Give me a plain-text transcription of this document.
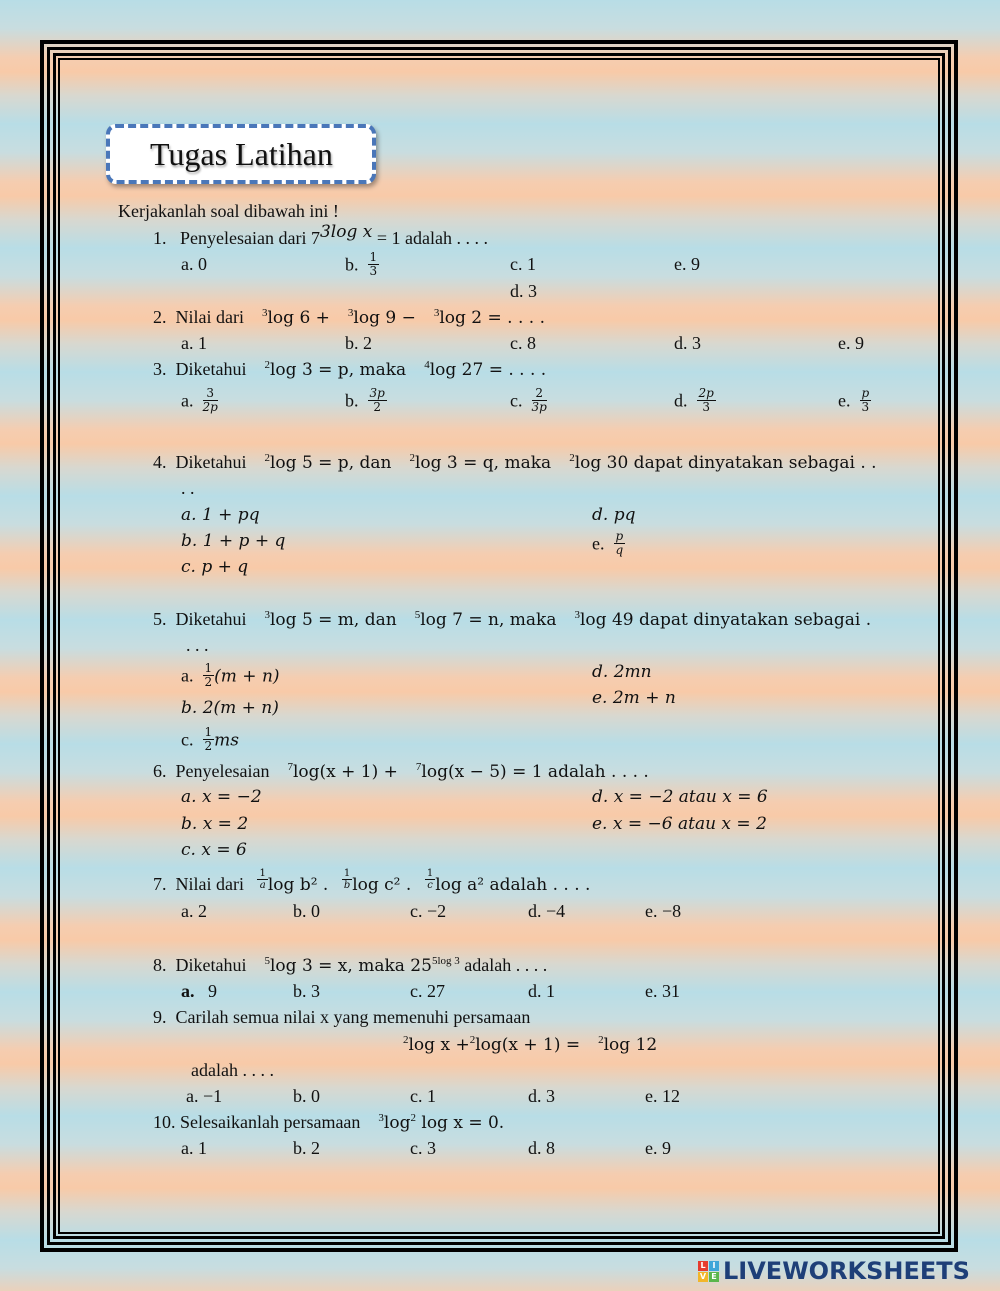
Tugas Latihan
Kerjakanlah soal dibawah ini !
1. Penyelesaian dari $7^{3log x} = 1$ adalah . . . .
a. 0	b. $\frac{1}{3}$	c. 1	e. 9
d. 3
2. Nilai dari $^3$log 6 + $^3$log 9 − $^3$log 2 = . . . .
a. 1	b. 2	c. 8	d. 3	e. 9
3. Diketahui $^2$log 3 = p, maka $^4$log 27 = . . . .
a. $\frac{3}{2p}$	b. $\frac{3p}{2}$	c. $\frac{2}{3p}$	d. $\frac{2p}{3}$	e. $\frac{p}{3}$
4. Diketahui $^2$log 5 = p, dan $^2$log 3 = q, maka $^2$log 30 dapat dinyatakan sebagai . .
. .
a. 1 + pq
b. 1 + p + q
c. p + q
d. pq
e. $\frac{p}{q}$
5. Diketahui $^3$log 5 = m, dan $^5$log 7 = n, maka $^3$log 49 dapat dinyatakan sebagai .
. . .
a. $\frac{1}{2} (m + n)$
b. 2(m + n)
c. $\frac{1}{2}$ ms
d. 2mn
e. 2m + n
6. Penyelesaian $^7$log(x + 1) + $^7$log(x − 5) = 1 adalah . . . .
a. x = −2
b. x = 2
c. x = 6
d. x = −2 atau x = 6
e. x = −6 atau x = 2
7. Nilai dari $\frac{1}{a}$ log b² . $\frac{1}{b}$ log c² . $\frac{1}{c}$ log a² adalah . . . .
a. 2	b. 0	c. −2	d. −4	e. −8
8. Diketahui $^5$log 3 = x, maka $25^{5log 3}$ adalah . . . .
a. 9	b. 3	c. 27	d. 1	e. 31
9. Carilah semua nilai x yang memenuhi persamaan
$^2$log x +$^2$log(x + 1) = $^2$log 12
adalah . . . .
a. −1	b. 0	c. 1	d. 3	e. 12
10. Selesaikanlah persamaan $^3\log^2$ log x = 0.
a. 1	b. 2	c. 3	d. 8	e. 9
L I
V E LIVEWORKSHEETS
